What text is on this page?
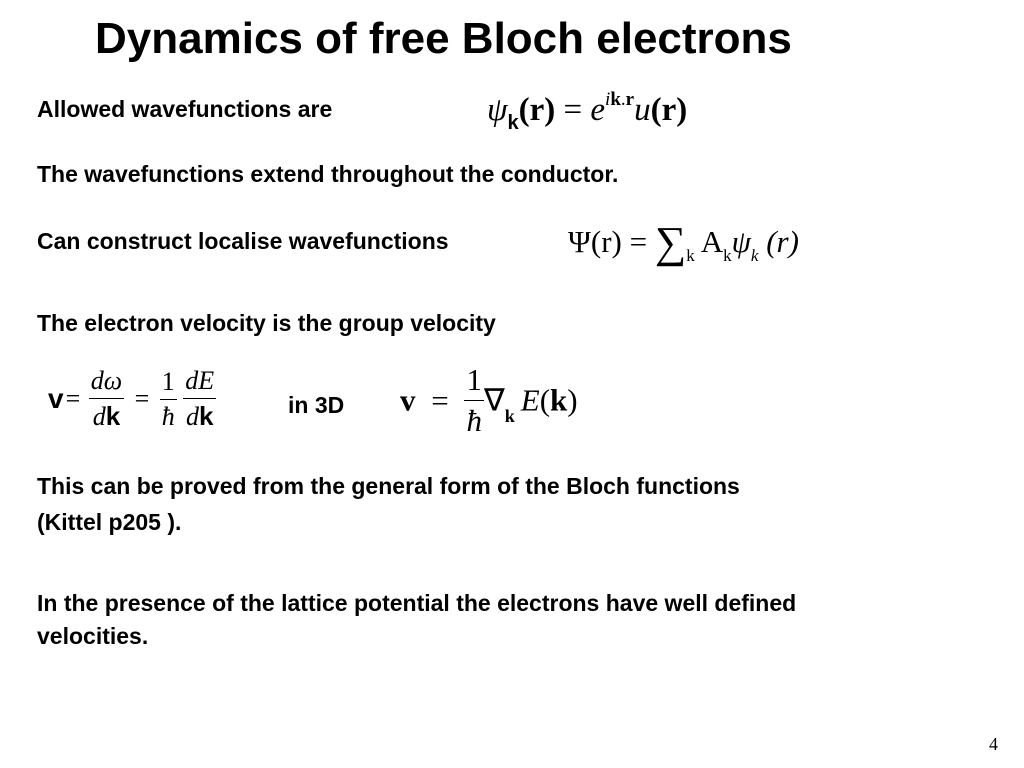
Dynamics of free Bloch electrons
Allowed wavefunctions are	$\psi_k(r) = e^{ik.r}u(r)$
The wavefunctions extend throughout the conductor.
Can construct localise wavefunctions	$\Psi(r) = \sum_k$ $A_k\psi_k$ (r)
The electron velocity is the group velocity
$v= \frac{d\omega}{dk} = \frac{1}{ħ}$
$\frac{dE}{dk}$	in 3D $v = \frac{1}{ħ} \nabla_k$ E(k)
This can be proved from the general form of the Bloch functions
(Kittel p205 ).
In the presence of the lattice potential the electrons have well defined
velocities.
4
